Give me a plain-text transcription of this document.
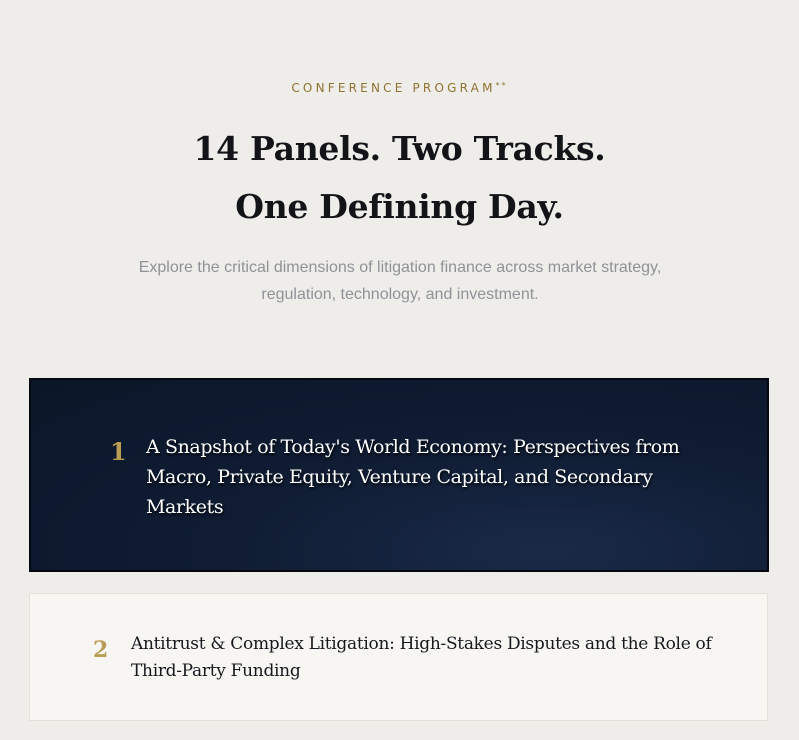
CONFERENCE PROGRAM**
14 Panels. Two Tracks.
One Defining Day.
Explore the critical dimensions of litigation finance across market strategy, regulation, technology, and investment.
1 A Snapshot of Today's World Economy: Perspectives from Macro, Private Equity, Venture Capital, and Secondary Markets
2 Antitrust & Complex Litigation: High-Stakes Disputes and the Role of Third-Party Funding
